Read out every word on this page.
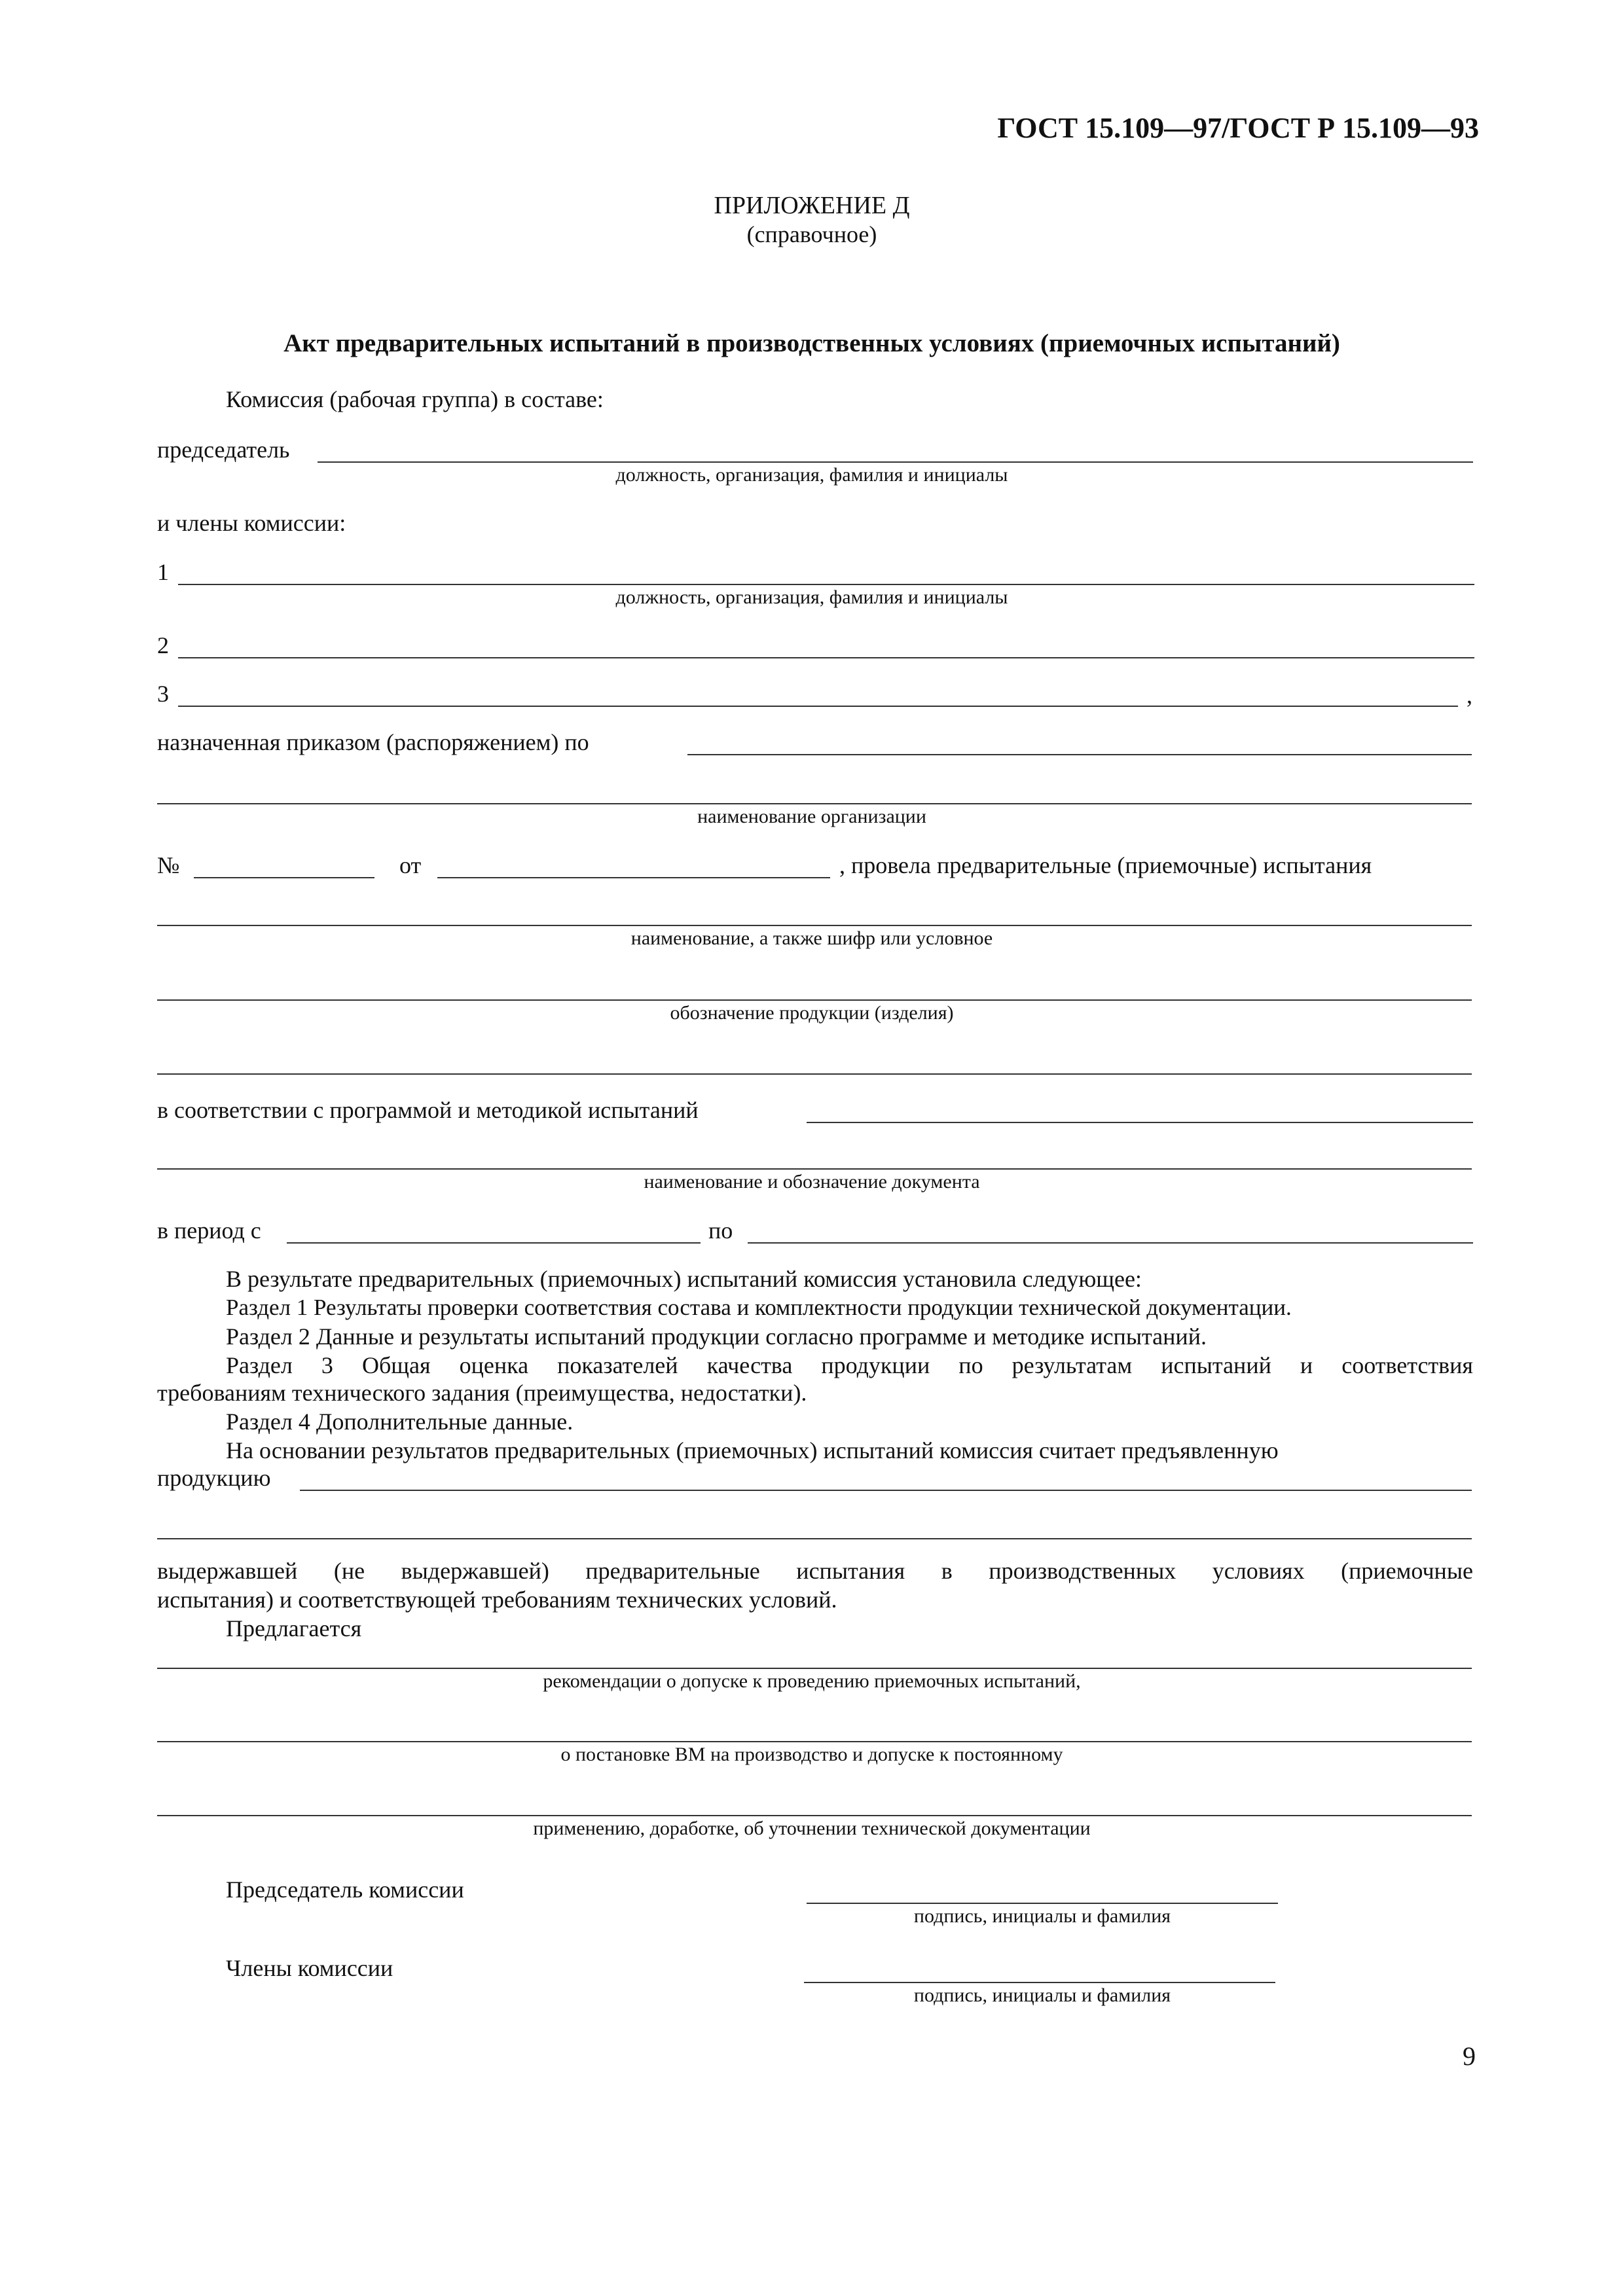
ГОСТ 15.109—97/ГОСТ Р 15.109—93
ПРИЛОЖЕНИЕ Д
(справочное)
Акт предварительных испытаний в производственных условиях (приемочных испытаний)
Комиссия (рабочая группа) в составе:
председатель
должность, организация, фамилия и инициалы
и члены комиссии:
1
должность, организация, фамилия и инициалы
2
3	,
назначенная приказом (распоряжением) по
наименование организации
№	от	, провела предварительные (приемочные) испытания
наименование, а также шифр или условное
обозначение продукции (изделия)
в соответствии с программой и методикой испытаний
наименование и обозначение документа
в период с	по
В результате предварительных (приемочных) испытаний комиссия установила следующее:
Раздел 1 Результаты проверки соответствия состава и комплектности продукции технической документации.
Раздел 2 Данные и результаты испытаний продукции согласно программе и методике испытаний.
Раздел 3 Общая оценка показателей качества продукции по результатам испытаний и соответствия
требованиям технического задания (преимущества, недостатки).
Раздел 4 Дополнительные данные.
На основании результатов предварительных (приемочных) испытаний комиссия считает предъявленную
продукцию
выдержавшей (не выдержавшей) предварительные испытания в производственных условиях (приемочные
испытания) и соответствующей требованиям технических условий.
Предлагается
рекомендации о допуске к проведению приемочных испытаний,
о постановке ВМ на производство и допуске к постоянному
применению, доработке, об уточнении технической документации
Председатель комиссии
подпись, инициалы и фамилия
Члены комиссии
подпись, инициалы и фамилия
9
